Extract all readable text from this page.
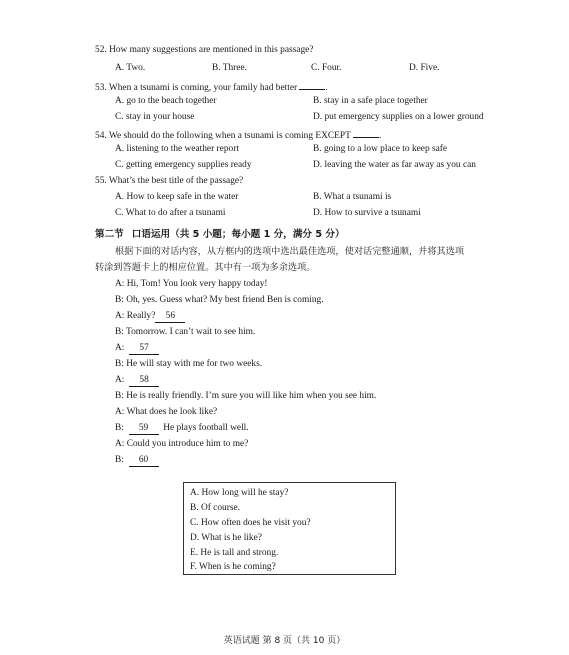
52. How many suggestions are mentioned in this passage?
A. Two.	B. Three.	C. Four.	D. Five.
53. When a tsunami is coming, your family had better	.
A. go to the beach together	B. stay in a safe place together
C. stay in your house	D. put emergency supplies on a lower ground
54. We should do the following when a tsunami is coming EXCEPT	.
A. listening to the weather report	B. going to a low place to keep safe
C. getting emergency supplies ready	D. leaving the water as far away as you can
55. What’s the best title of the passage?
A. How to keep safe in the water	B. What a tsunami is
C. What to do after a tsunami	D. How to survive a tsunami
第二节 口语运用（共 5 小题；每小题 1 分，满分 5 分）
根据下面的对话内容，从方框内的选项中选出最佳选项，使对话完整通顺，并将其选项
转涂到答题卡上的相应位置。其中有一项为多余选项。
A: Hi, Tom! You look very happy today!
B: Oh, yes. Guess what? My best friend Ben is coming.
A: Really? 56
B: Tomorrow. I can’t wait to see him.
A: 57
B: He will stay with me for two weeks.
A: 58
B: He is really friendly. I’m sure you will like him when you see him.
A: What does he look like?
B: 59 He plays football well.
A: Could you introduce him to me?
B: 60
A. How long will he stay?
B. Of course.
C. How often does he visit you?
D. What is he like?
E. He is tall and strong.
F. When is he coming?
英语试题 第 8 页（共 10 页）
